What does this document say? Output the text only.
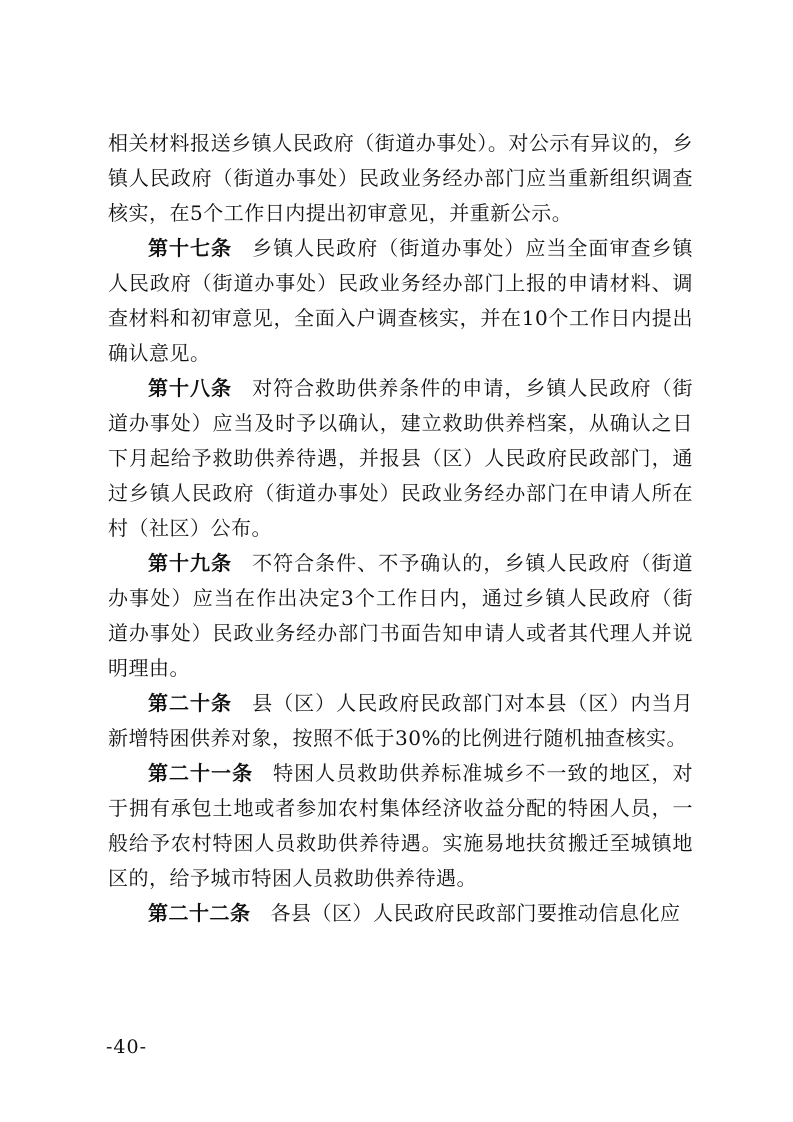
相关材料报送乡镇人民政府（街道办事处）。对公示有异议的，乡镇人民政府（街道办事处）民政业务经办部门应当重新组织调查核实，在5个工作日内提出初审意见，并重新公示。

第十七条 乡镇人民政府（街道办事处）应当全面审查乡镇人民政府（街道办事处）民政业务经办部门上报的申请材料、调查材料和初审意见，全面入户调查核实，并在10个工作日内提出确认意见。

第十八条 对符合救助供养条件的申请，乡镇人民政府（街道办事处）应当及时予以确认，建立救助供养档案，从确认之日下月起给予救助供养待遇，并报县（区）人民政府民政部门，通过乡镇人民政府（街道办事处）民政业务经办部门在申请人所在村（社区）公布。

第十九条 不符合条件、不予确认的，乡镇人民政府（街道办事处）应当在作出决定3个工作日内，通过乡镇人民政府（街道办事处）民政业务经办部门书面告知申请人或者其代理人并说明理由。

第二十条 县（区）人民政府民政部门对本县（区）内当月新增特困供养对象，按照不低于30%的比例进行随机抽查核实。

第二十一条 特困人员救助供养标准城乡不一致的地区，对于拥有承包土地或者参加农村集体经济收益分配的特困人员，一般给予农村特困人员救助供养待遇。实施易地扶贫搬迁至城镇地区的，给予城市特困人员救助供养待遇。

第二十二条 各县（区）人民政府民政部门要推动信息化应

-40-
